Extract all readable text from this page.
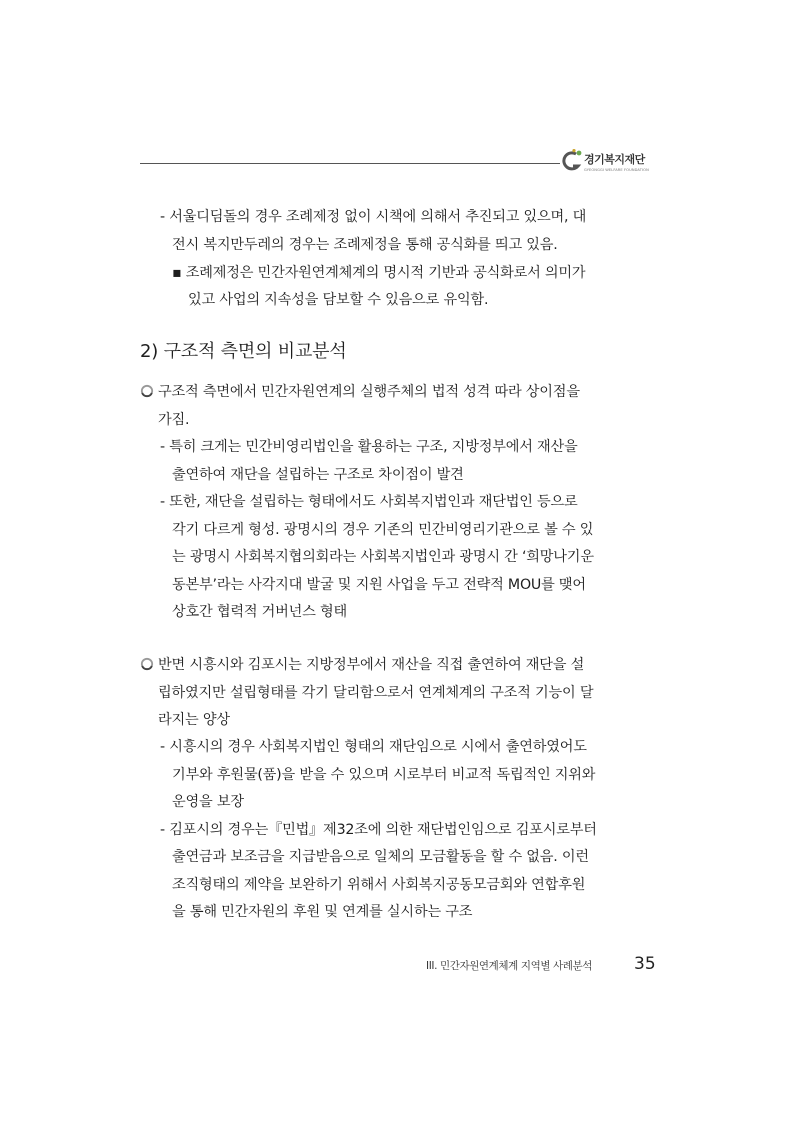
경기복지재단
GYEONGGI WELFARE FOUNDATION
- 서울디딤돌의 경우 조례제정 없이 시책에 의해서 추진되고 있으며, 대
전시 복지만두레의 경우는 조례제정을 통해 공식화를 띄고 있음.
▪ 조례제정은 민간자원연계체계의 명시적 기반과 공식화로서 의미가
있고 사업의 지속성을 담보할 수 있음으로 유익함.
2) 구조적 측면의 비교분석
구조적 측면에서 민간자원연계의 실행주체의 법적 성격 따라 상이점을
가짐.
- 특히 크게는 민간비영리법인을 활용하는 구조, 지방정부에서 재산을
출연하여 재단을 설립하는 구조로 차이점이 발견
- 또한, 재단을 설립하는 형태에서도 사회복지법인과 재단법인 등으로
각기 다르게 형성. 광명시의 경우 기존의 민간비영리기관으로 볼 수 있
는 광명시 사회복지협의회라는 사회복지법인과 광명시 간 ‘희망나기운
동본부’라는 사각지대 발굴 및 지원 사업을 두고 전략적 MOU를 맺어
상호간 협력적 거버넌스 형태
반면 시흥시와 김포시는 지방정부에서 재산을 직접 출연하여 재단을 설
립하였지만 설립형태를 각기 달리함으로서 연계체계의 구조적 기능이 달
라지는 양상
- 시흥시의 경우 사회복지법인 형태의 재단임으로 시에서 출연하였어도
기부와 후원물(품)을 받을 수 있으며 시로부터 비교적 독립적인 지위와
운영을 보장
- 김포시의 경우는『민법』제32조에 의한 재단법인임으로 김포시로부터
출연금과 보조금을 지급받음으로 일체의 모금활동을 할 수 없음. 이런
조직형태의 제약을 보완하기 위해서 사회복지공동모금회와 연합후원
을 통해 민간자원의 후원 및 연계를 실시하는 구조
III. 민간자원연계체계 지역별 사례분석 35
